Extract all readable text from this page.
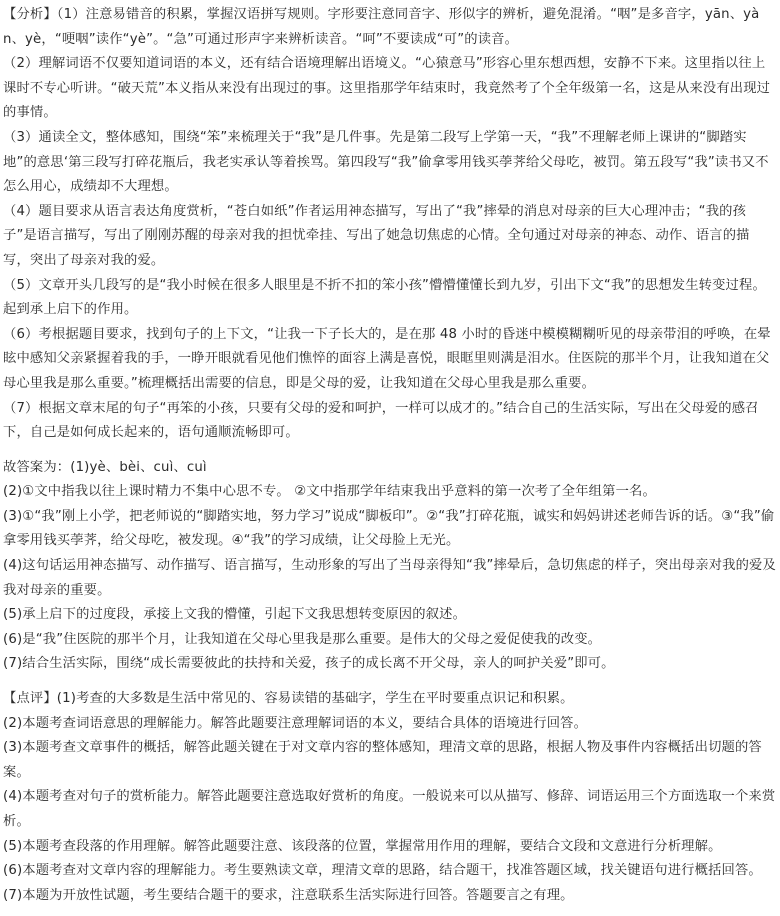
【分析】（1）注意易错音的积累，掌握汉语拼写规则。字形要注意同音字、形似字的辨析，避免混淆。“咽”是多音字，yān、yàn、yè，“哽咽”读作“yè”。“急”可通过形声字来辨析读音。“呵”不要读成“可”的读音。

（2）理解词语不仅要知道词语的本义，还有结合语境理解出语境义。“心猿意马”形容心里东想西想，安静不下来。这里指以往上课时不专心听讲。“破天荒”本义指从来没有出现过的事。这里指那学年结束时，我竟然考了个全年级第一名，这是从来没有出现过的事情。

（3）通读全文，整体感知，围绕“笨”来梳理关于“我”是几件事。先是第二段写上学第一天，“我”不理解老师上课讲的“脚踏实地”的意思‘第三段写打碎花瓶后，我老实承认等着挨骂。第四段写“我”偷拿零用钱买荸荠给父母吃，被罚。第五段写“我”读书又不怎么用心，成绩却不大理想。

（4）题目要求从语言表达角度赏析，“苍白如纸”作者运用神态描写，写出了“我”摔晕的消息对母亲的巨大心理冲击；“我的孩子”是语言描写，写出了刚刚苏醒的母亲对我的担忧牵挂、写出了她急切焦虑的心情。全句通过对母亲的神态、动作、语言的描写，突出了母亲对我的爱。

（5）文章开头几段写的是“我小时候在很多人眼里是不折不扣的笨小孩”懵懵懂懂长到九岁，引出下文“我”的思想发生转变过程。起到承上启下的作用。

（6）考根据题目要求，找到句子的上下文，“让我一下子长大的，是在那 48 小时的昏迷中模模糊糊听见的母亲带泪的呼唤，在晕眩中感知父亲紧握着我的手，一睁开眼就看见他们憔悴的面容上满是喜悦，眼眶里则满是泪水。住医院的那半个月，让我知道在父母心里我是那么重要。”梳理概括出需要的信息，即是父母的爱，让我知道在父母心里我是那么重要。

（7）根据文章末尾的句子“再笨的小孩，只要有父母的爱和呵护，一样可以成才的。”结合自己的生活实际，写出在父母爱的感召下，自己是如何成长起来的，语句通顺流畅即可。

故答案为：(1)yè、bèi、cuì、cuì

(2)①文中指我以往上课时精力不集中心思不专。 ②文中指那学年结束我出乎意料的第一次考了全年组第一名。

(3)①“我”刚上小学，把老师说的“脚踏实地，努力学习”说成“脚板印”。②“我”打碎花瓶，诚实和妈妈讲述老师告诉的话。③“我”偷拿零用钱买荸荠，给父母吃，被发现。④“我”的学习成绩，让父母脸上无光。

(4)这句话运用神态描写、动作描写、语言描写，生动形象的写出了当母亲得知“我”摔晕后，急切焦虑的样子，突出母亲对我的爱及我对母亲的重要。

(5)承上启下的过度段，承接上文我的懵懂，引起下文我思想转变原因的叙述。

(6)是“我”住医院的那半个月，让我知道在父母心里我是那么重要。是伟大的父母之爱促使我的改变。

(7)结合生活实际，围绕“成长需要彼此的扶持和关爱，孩子的成长离不开父母，亲人的呵护关爱”即可。

【点评】(1)考查的大多数是生活中常见的、容易读错的基础字，学生在平时要重点识记和积累。

(2)本题考查词语意思的理解能力。解答此题要注意理解词语的本义，要结合具体的语境进行回答。

(3)本题考查文章事件的概括，解答此题关键在于对文章内容的整体感知，理清文章的思路，根据人物及事件内容概括出切题的答案。

(4)本题考查对句子的赏析能力。解答此题要注意选取好赏析的角度。一般说来可以从描写、修辞、词语运用三个方面选取一个来赏析。

(5)本题考查段落的作用理解。解答此题要注意、该段落的位置，掌握常用作用的理解，要结合文段和文意进行分析理解。

(6)本题考查对文章内容的理解能力。考生要熟读文章，理清文章的思路，结合题干，找准答题区域，找关键语句进行概括回答。

(7)本题为开放性试题，考生要结合题干的要求，注意联系生活实际进行回答。答题要言之有理。
